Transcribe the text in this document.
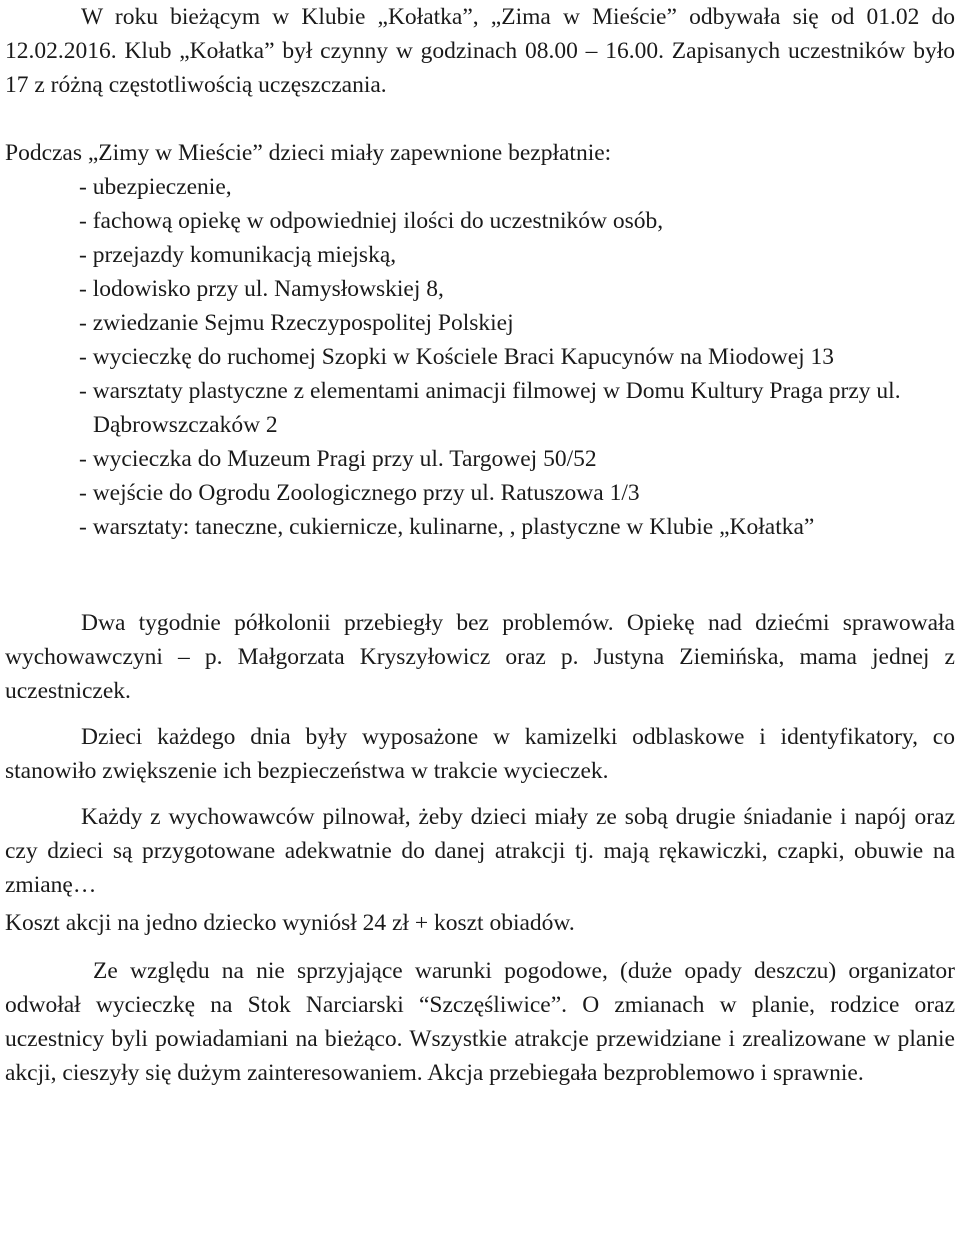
W roku bieżącym w Klubie „Kołatka”, „Zima w Mieście” odbywała się od 01.02 do 12.02.2016. Klub „Kołatka” był czynny w godzinach 08.00 – 16.00. Zapisanych uczestników było 17 z różną częstotliwością uczęszczania.

Podczas „Zimy w Mieście” dzieci miały zapewnione bezpłatnie:

- ubezpieczenie,
- fachową opiekę w odpowiedniej ilości do uczestników osób,
- przejazdy komunikacją miejską,
- lodowisko przy ul. Namysłowskiej 8,
- zwiedzanie Sejmu Rzeczypospolitej Polskiej
- wycieczkę do ruchomej Szopki w Kościele Braci Kapucynów na Miodowej 13
- warsztaty plastyczne z elementami animacji filmowej w Domu Kultury Praga przy ul. Dąbrowszczaków 2
- wycieczka do Muzeum Pragi przy ul. Targowej 50/52
- wejście do Ogrodu Zoologicznego przy ul. Ratuszowa 1/3
- warsztaty: taneczne, cukiernicze, kulinarne, , plastyczne w Klubie „Kołatka”

Dwa tygodnie półkolonii przebiegły bez problemów. Opiekę nad dziećmi sprawowała wychowawczyni – p. Małgorzata Kryszyłowicz oraz p. Justyna Ziemińska, mama jednej z uczestniczek.

Dzieci każdego dnia były wyposażone w kamizelki odblaskowe i identyfikatory, co stanowiło zwiększenie ich bezpieczeństwa w trakcie wycieczek.

Każdy z wychowawców pilnował, żeby dzieci miały ze sobą drugie śniadanie i napój oraz czy dzieci są przygotowane adekwatnie do danej atrakcji tj. mają rękawiczki, czapki, obuwie na zmianę…

Koszt akcji na jedno dziecko wyniósł 24 zł + koszt obiadów.

Ze względu na nie sprzyjające warunki pogodowe, (duże opady deszczu) organizator odwołał wycieczkę na Stok Narciarski “Szczęśliwice”. O zmianach w planie, rodzice oraz uczestnicy byli powiadamiani na bieżąco. Wszystkie atrakcje przewidziane i zrealizowane w planie akcji, cieszyły się dużym zainteresowaniem. Akcja przebiegała bezproblemowo i sprawnie.
